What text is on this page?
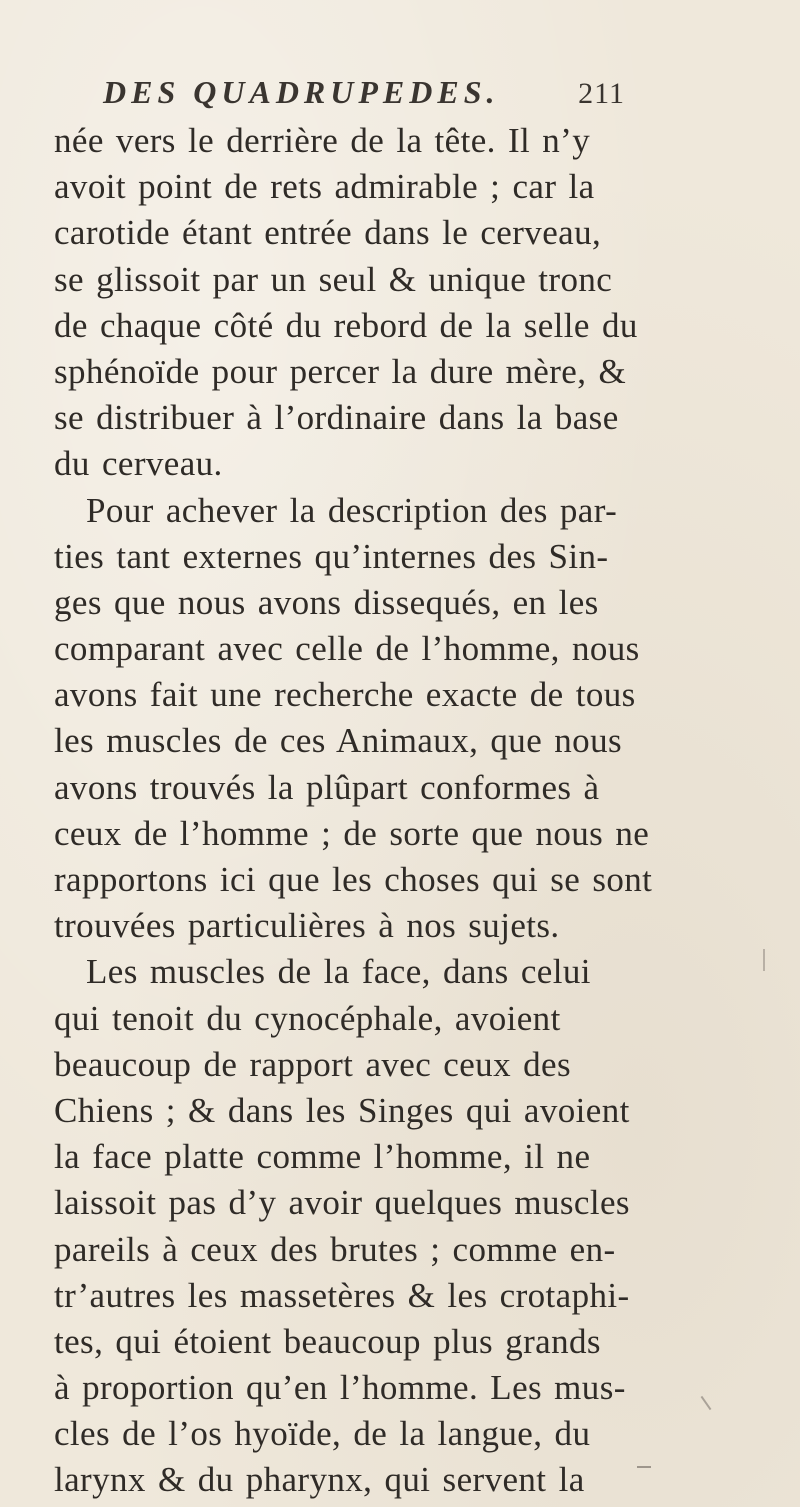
DES QUADRUPEDES.	211
née vers le derrière de la tête. Il n’y
avoit point de rets admirable ; car la
carotide étant entrée dans le cerveau,
se glissoit par un seul & unique tronc
de chaque côté du rebord de la selle du
sphénoïde pour percer la dure mère, &
se distribuer à l’ordinaire dans la base
du cerveau.
Pour achever la description des par-
ties tant externes qu’internes des Sin-
ges que nous avons dissequés, en les
comparant avec celle de l’homme, nous
avons fait une recherche exacte de tous
les muscles de ces Animaux, que nous
avons trouvés la plûpart conformes à
ceux de l’homme ; de sorte que nous ne
rapportons ici que les choses qui se sont
trouvées particulières à nos sujets.
Les muscles de la face, dans celui
qui tenoit du cynocéphale, avoient
beaucoup de rapport avec ceux des
Chiens ; & dans les Singes qui avoient
la face platte comme l’homme, il ne
laissoit pas d’y avoir quelques muscles
pareils à ceux des brutes ; comme en-
tr’autres les massetères & les crotaphi-
tes, qui étoient beaucoup plus grands
à proportion qu’en l’homme. Les mus-
cles de l’os hyoïde, de la langue, du
larynx & du pharynx, qui servent la
